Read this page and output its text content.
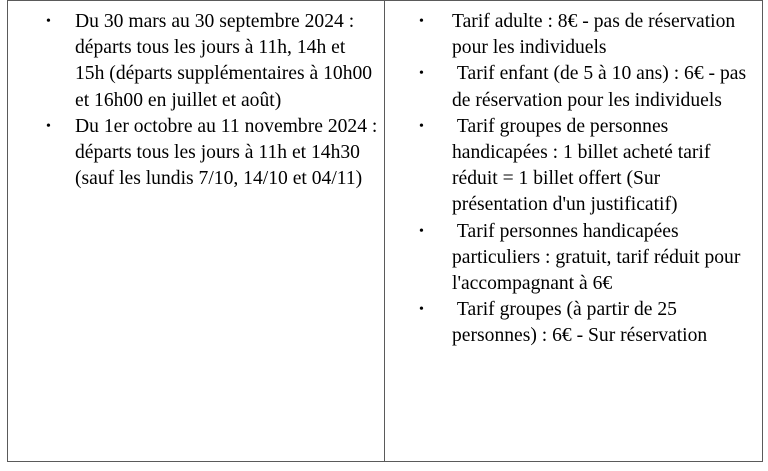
• Du 30 mars au 30 septembre 2024 : départs tous les jours à 11h, 14h et 15h (départs supplémentaires à 10h00 et 16h00 en juillet et août)
• Du 1er octobre au 11 novembre 2024 : départs tous les jours à 11h et 14h30 (sauf les lundis 7/10, 14/10 et 04/11)

• Tarif adulte : 8€ - pas de réservation pour les individuels
• Tarif enfant (de 5 à 10 ans) : 6€ - pas de réservation pour les individuels
• Tarif groupes de personnes handicapées : 1 billet acheté tarif réduit = 1 billet offert (Sur présentation d'un justificatif)
• Tarif personnes handicapées particuliers : gratuit, tarif réduit pour l'accompagnant à 6€
• Tarif groupes (à partir de 25 personnes) : 6€ - Sur réservation
